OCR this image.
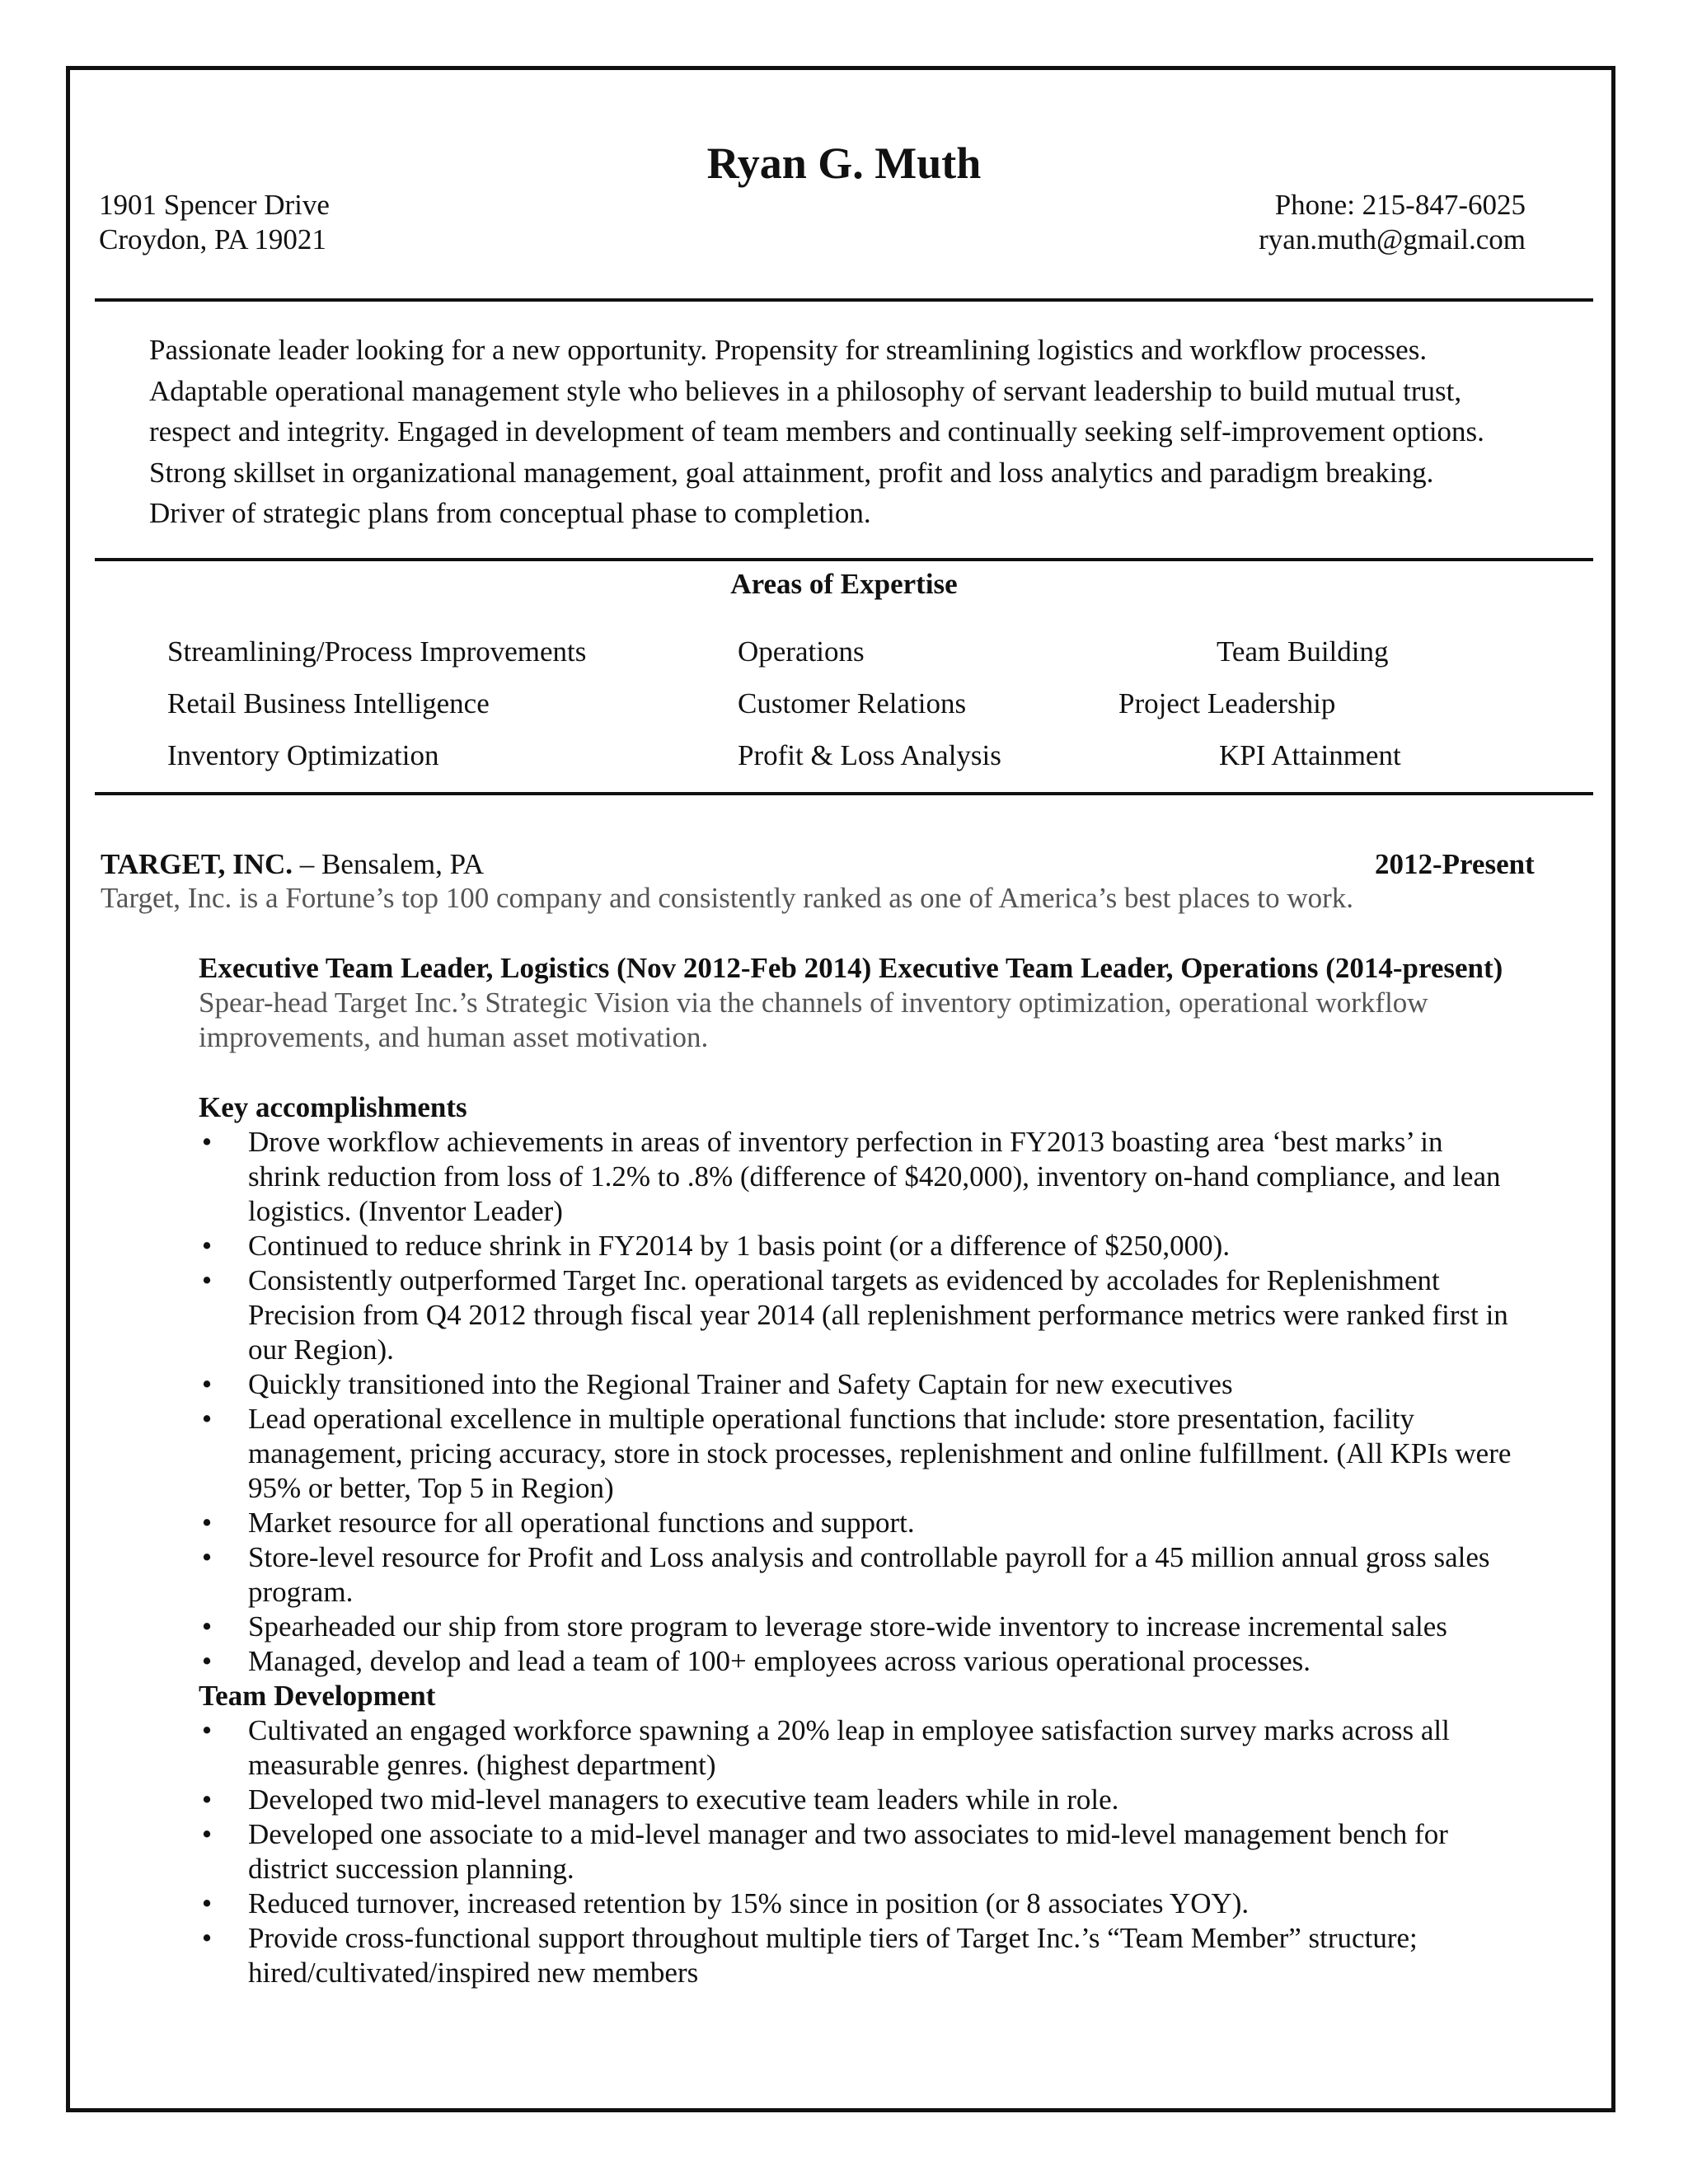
Ryan G. Muth
1901 Spencer Drive
Croydon, PA 19021
Phone: 215-847-6025
ryan.muth@gmail.com

Passionate leader looking for a new opportunity. Propensity for streamlining logistics and workflow processes.

Adaptable operational management style who believes in a philosophy of servant leadership to build mutual trust,

respect and integrity. Engaged in development of team members and continually seeking self-improvement options.

Strong skillset in organizational management, goal attainment, profit and loss analytics and paradigm breaking.

Driver of strategic plans from conceptual phase to completion.

Areas of Expertise
Streamlining/Process Improvements
Retail Business Intelligence
Inventory Optimization
Operations
Customer Relations
Profit & Loss Analysis
Team Building
Project Leadership
KPI Attainment
TARGET, INC. – Bensalem, PA	2012-Present
Target, Inc. is a Fortune’s top 100 company and consistently ranked as one of America’s best places to work.

Executive Team Leader, Logistics (Nov 2012-Feb 2014) Executive Team Leader, Operations (2014-present)

Spear-head Target Inc.’s Strategic Vision via the channels of inventory optimization, operational workflow

improvements, and human asset motivation.

Key accomplishments

• Drove workflow achievements in areas of inventory perfection in FY2013 boasting area ‘best marks’ in
shrink reduction from loss of 1.2% to .8% (difference of $420,000), inventory on-hand compliance, and lean
logistics. (Inventor Leader)
• Continued to reduce shrink in FY2014 by 1 basis point (or a difference of $250,000).
• Consistently outperformed Target Inc. operational targets as evidenced by accolades for Replenishment
Precision from Q4 2012 through fiscal year 2014 (all replenishment performance metrics were ranked first in
our Region).
• Quickly transitioned into the Regional Trainer and Safety Captain for new executives
• Lead operational excellence in multiple operational functions that include: store presentation, facility
management, pricing accuracy, store in stock processes, replenishment and online fulfillment. (All KPIs were
95% or better, Top 5 in Region)
• Market resource for all operational functions and support.
• Store-level resource for Profit and Loss analysis and controllable payroll for a 45 million annual gross sales
program.
• Spearheaded our ship from store program to leverage store-wide inventory to increase incremental sales
• Managed, develop and lead a team of 100+ employees across various operational processes.

Team Development

• Cultivated an engaged workforce spawning a 20% leap in employee satisfaction survey marks across all
measurable genres. (highest department)
• Developed two mid-level managers to executive team leaders while in role.
• Developed one associate to a mid-level manager and two associates to mid-level management bench for
district succession planning.
• Reduced turnover, increased retention by 15% since in position (or 8 associates YOY).
• Provide cross-functional support throughout multiple tiers of Target Inc.’s “Team Member” structure;
hired/cultivated/inspired new members
